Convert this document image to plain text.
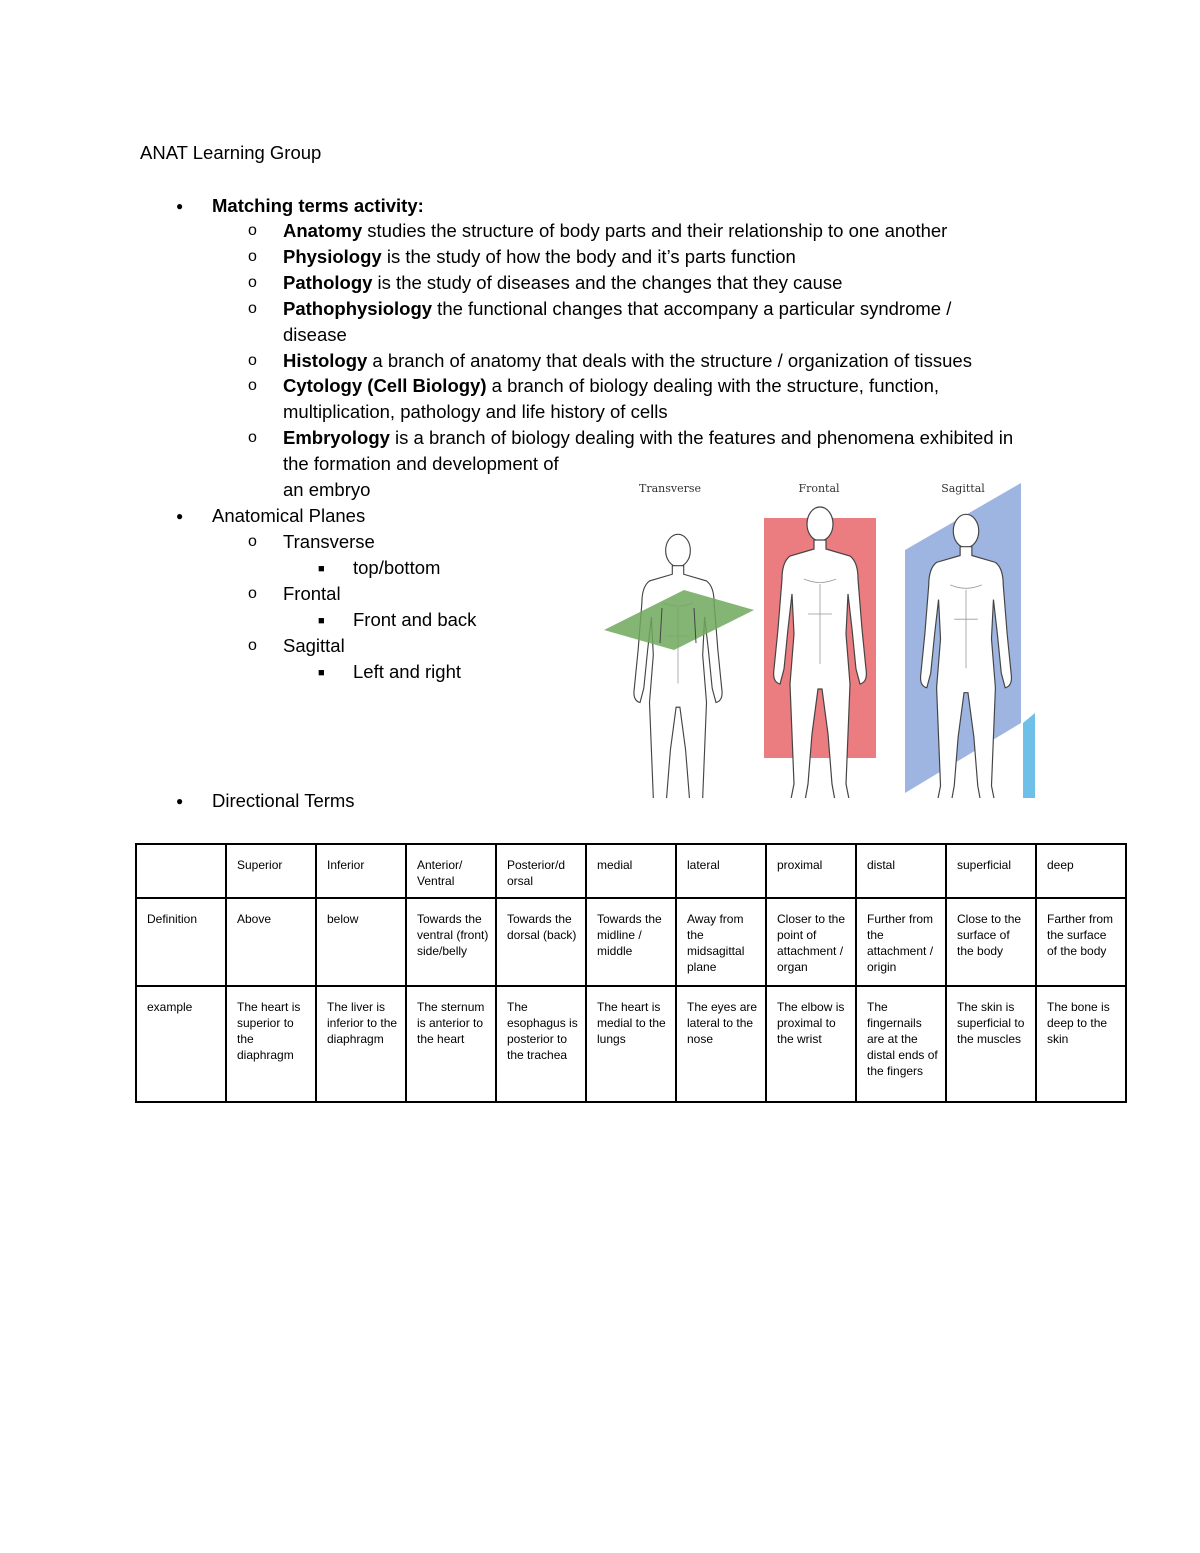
ANAT Learning Group
●
Matching terms activity:
o
Anatomy studies the structure of body parts and their relationship to one another
o
Physiology is the study of how the body and it’s parts function
o
Pathology is the study of diseases and the changes that they cause
o
Pathophysiology the functional changes that accompany a particular syndrome /
disease
o
Histology a branch of anatomy that deals with the structure / organization of tissues
o
Cytology (Cell Biology) a branch of biology dealing with the structure, function,
multiplication, pathology and life history of cells
o
Embryology is a branch of biology dealing with the features and phenomena exhibited in
the formation and development of
an embryo
●
Anatomical Planes
o
Transverse
■
top/bottom
o
Frontal
■
Front and back
o
Sagittal
■
Left and right
Transverse	Frontal	Sagittal
●
Directional Terms
	Superior	Inferior	Anterior/ Ventral	Posterior/d orsal	medial	lateral	proximal	distal	superficial	deep
Definition	Above	below	Towards the ventral (front) side/belly	Towards the dorsal (back)	Towards the midline / middle	Away from the midsagittal plane	Closer to the point of attachment / organ	Further from the attachment / origin	Close to the surface of the body	Farther from the surface of the body
example	The heart is superior to the diaphragm	The liver is inferior to the diaphragm	The sternum is anterior to the heart	The esophagus is posterior to the trachea	The heart is medial to the lungs	The eyes are lateral to the nose	The elbow is proximal to the wrist	The fingernails are at the distal ends of the fingers	The skin is superficial to the muscles	The bone is deep to the skin
